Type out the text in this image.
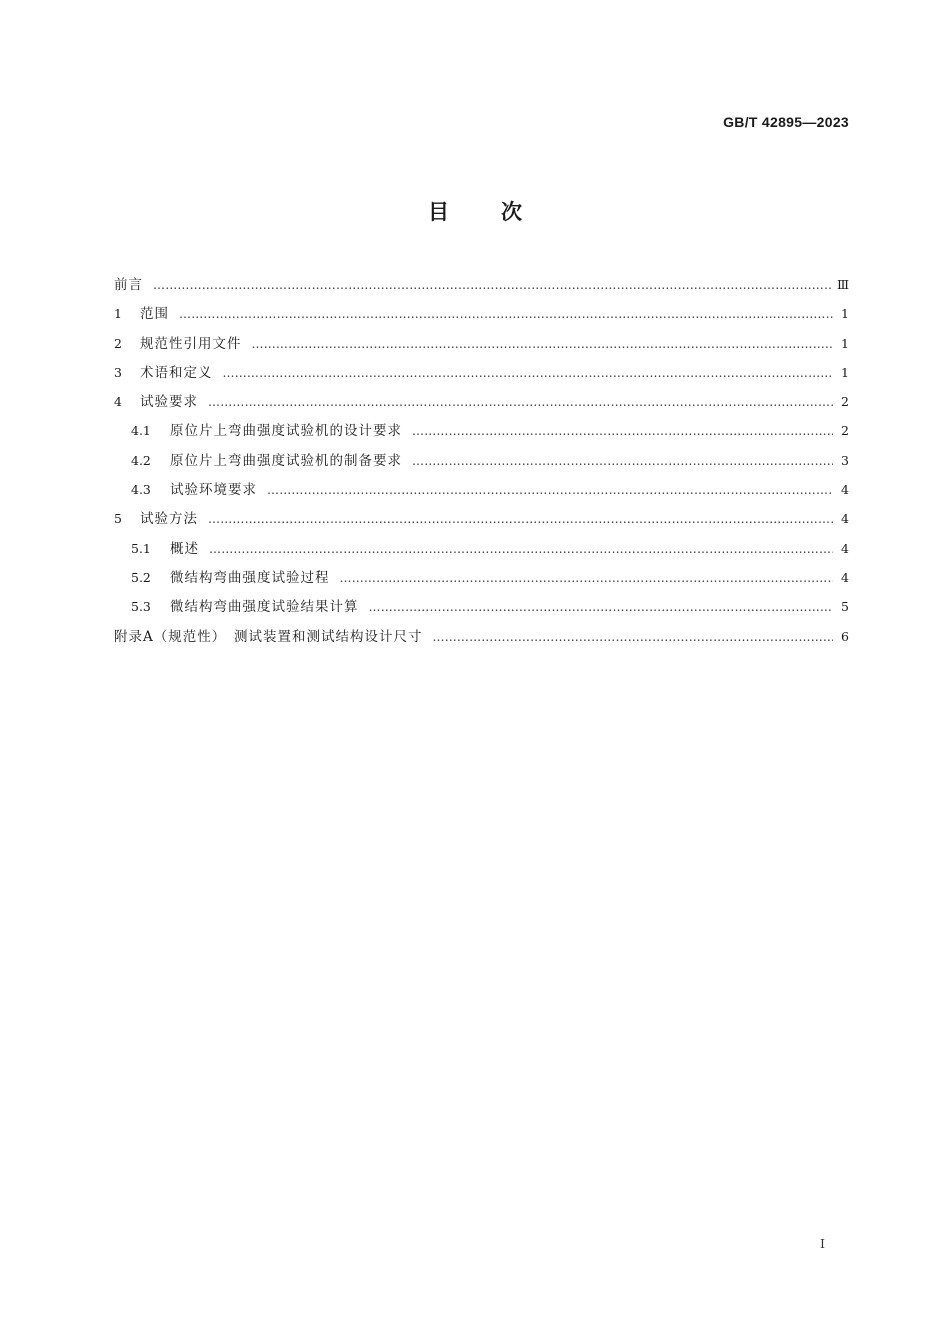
GB/T 42895—2023
目次
前言 ………………………………………………………………………………………………………………………………………………………………………………………………	Ⅲ
1	范围 ………………………………………………………………………………………………………………………………………………………………………………………………	1
2	规范性引用文件 ………………………………………………………………………………………………………………………………………………………………………………………………	1
3	术语和定义 ………………………………………………………………………………………………………………………………………………………………………………………………	1
4	试验要求 ………………………………………………………………………………………………………………………………………………………………………………………………	2
4.1	原位片上弯曲强度试验机的设计要求 ………………………………………………………………………………………………………………………………………………………………………………………………	2
4.2	原位片上弯曲强度试验机的制备要求 ………………………………………………………………………………………………………………………………………………………………………………………………	3
4.3	试验环境要求 ………………………………………………………………………………………………………………………………………………………………………………………………	4
5	试验方法 ………………………………………………………………………………………………………………………………………………………………………………………………	4
5.1	概述 ………………………………………………………………………………………………………………………………………………………………………………………………	4
5.2	微结构弯曲强度试验过程 ………………………………………………………………………………………………………………………………………………………………………………………………	4
5.3	微结构弯曲强度试验结果计算 ………………………………………………………………………………………………………………………………………………………………………………………………	5
附录A（规范性）　测试装置和测试结构设计尺寸 ………………………………………………………………………………………………………………………………………………………………………………………………	6
Ⅰ
